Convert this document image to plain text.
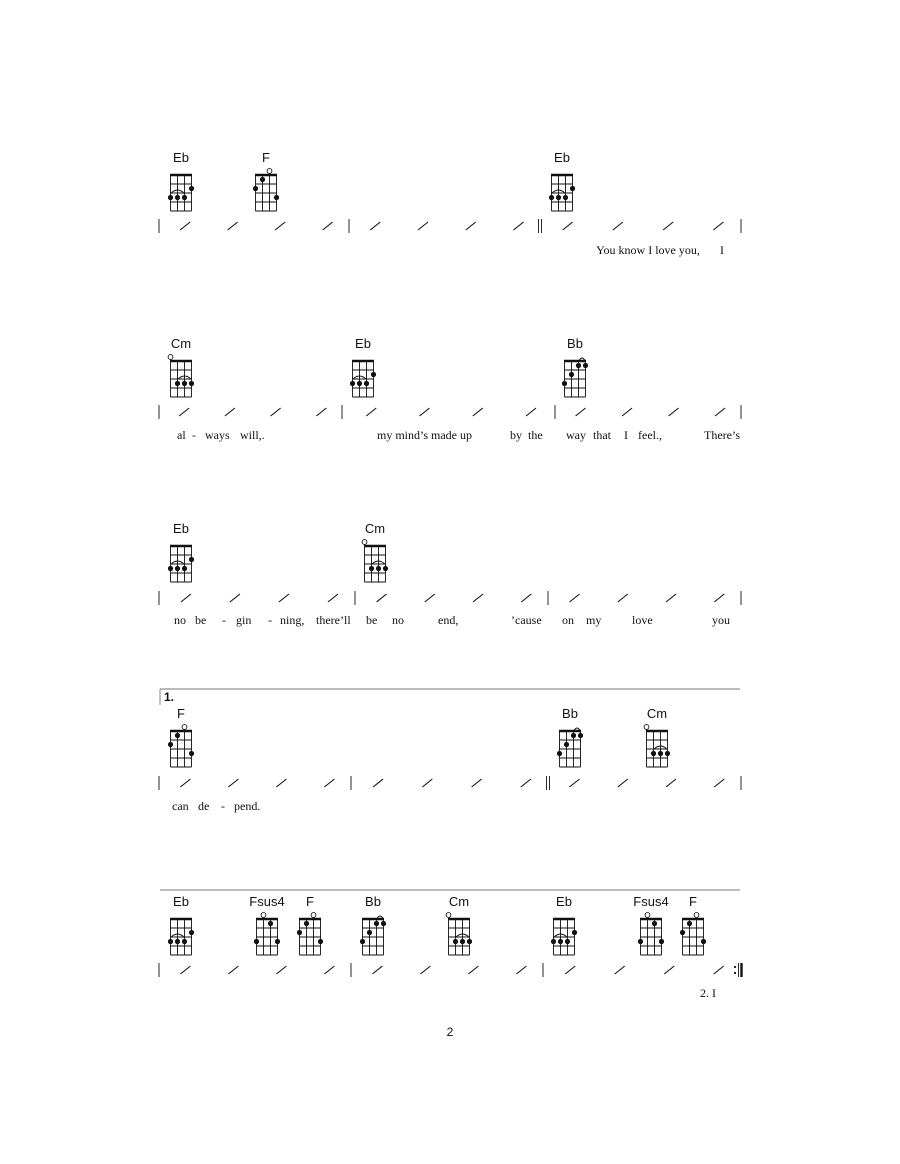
Eb	F	Eb
You know I love you, I
Cm	Eb	Bb
al - ways will,.	my mind’s made up	by the way that I feel.,	There’s
Eb	Cm
no be - gin - ning, there’ll be no	end,	’cause on my	love	you
1.
F	Bb	Cm
can de - pend.
Eb	Fsus4 F	Bb	Cm	Eb	Fsus4 F
2. I
2
